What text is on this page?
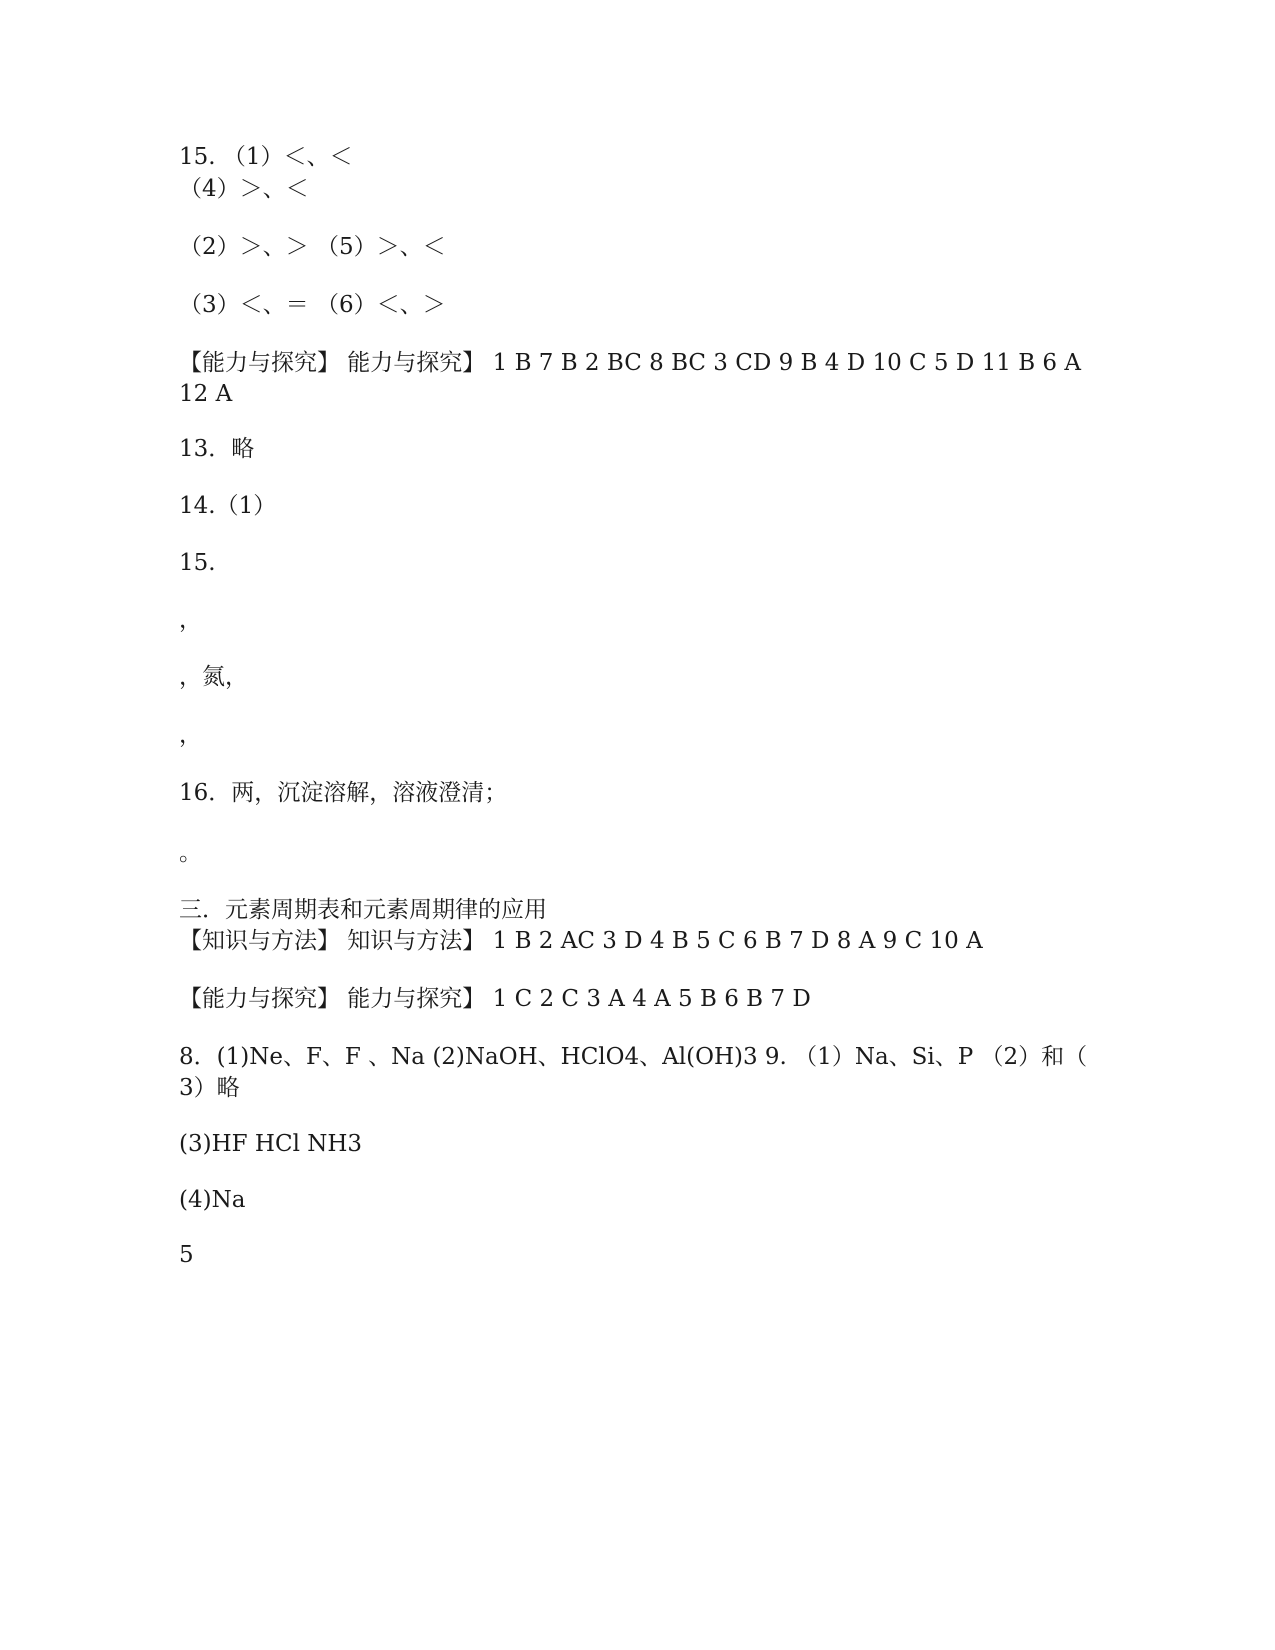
15. （1）＜、＜

（4）＞、＜

（2）＞、＞ （5）＞、＜

（3）＜、＝ （6）＜、＞

【能力与探究】 能力与探究】 1 B 7 B 2 BC 8 BC 3 CD 9 B 4 D 10 C 5 D 11 B 6 A

12 A

13．略

14.（1）

15.

，

，氮，

，

16．两，沉淀溶解，溶液澄清；

。

三．元素周期表和元素周期律的应用

【知识与方法】 知识与方法】 1 B 2 AC 3 D 4 B 5 C 6 B 7 D 8 A 9 C 10 A

【能力与探究】 能力与探究】 1 C 2 C 3 A 4 A 5 B 6 B 7 D

8．(1)Ne、F、F 、Na (2)NaOH、HClO4、Al(OH)3 9. （1）Na、Si、P （2）和（

3）略

(3)HF HCl NH3

(4)Na

5
